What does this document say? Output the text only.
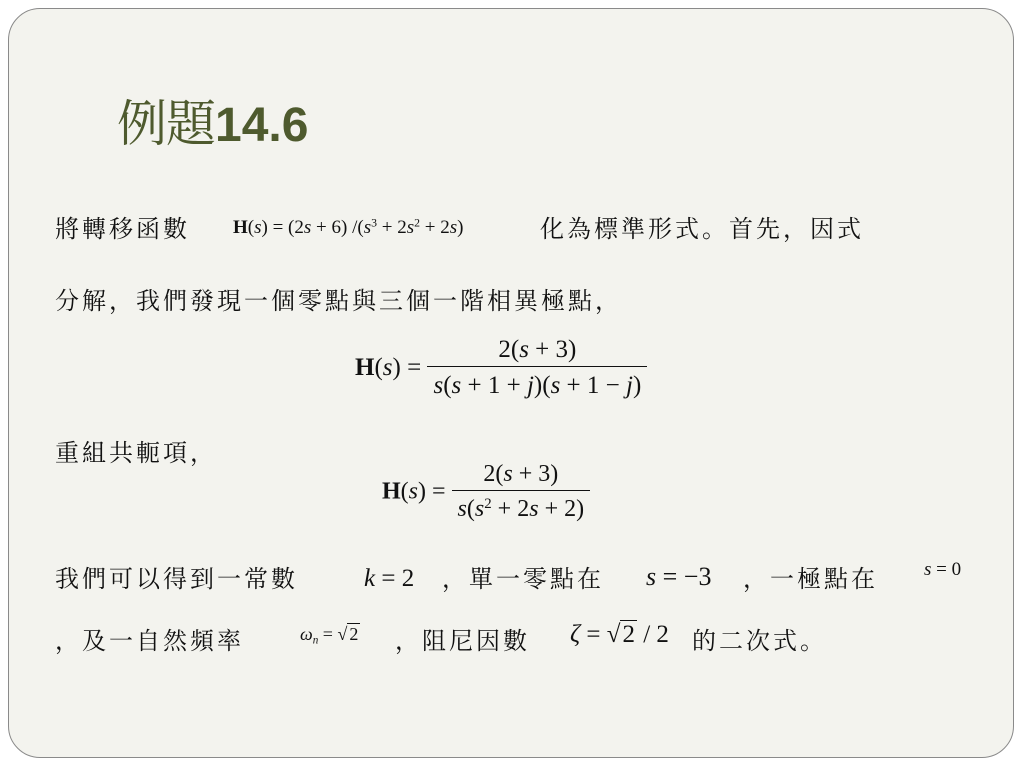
例題14.6
將轉移函數 H(s) = (2s + 6) $/(s^3 + 2s^2 + 2s)$	化為標準形式。首先，因式
分解，我們發現一個零點與三個一階相異極點，
$H(s) = \frac{2(s + 3)}{s(s + 1 + j)(s + 1 - j)}$
重組共軛項，
$H(s) = \frac{2(s + 3)}{s(s^2 + 2s + 2)}$
我們可以得到一常數	k = 2 ，單一零點在 s = −3 ，一極點在 s = 0
，及一自然頻率	$\omega_n$ = √ 2 ，阻尼因數 ζ = √2 / 2 的二次式。
